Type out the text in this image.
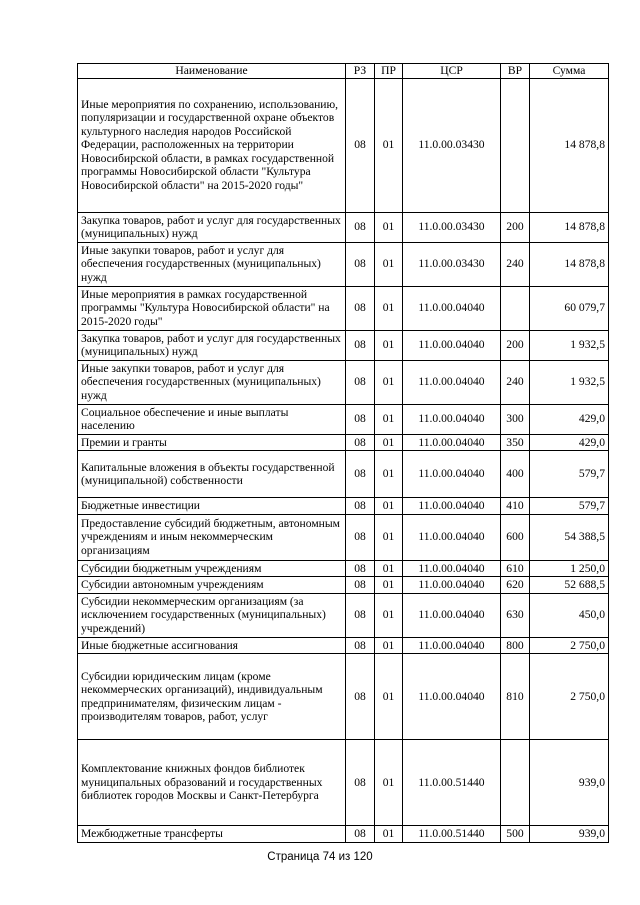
Наименование	РЗ	ПР	ЦСР	ВР	Сумма
Иные мероприятия по сохранению, использованию, популяризации и государственной охране объектов культурного наследия народов Российской Федерации, расположенных на территории Новосибирской области, в рамках государственной программы Новосибирской области "Культура Новосибирской области" на 2015-2020 годы"	08	01	11.0.00.03430		14 878,8
Закупка товаров, работ и услуг для государственных (муниципальных) нужд	08	01	11.0.00.03430	200	14 878,8
Иные закупки товаров, работ и услуг для обеспечения государственных (муниципальных) нужд	08	01	11.0.00.03430	240	14 878,8
Иные мероприятия в рамках государственной программы "Культура Новосибирской области" на 2015-2020 годы"	08	01	11.0.00.04040		60 079,7
Закупка товаров, работ и услуг для государственных (муниципальных) нужд	08	01	11.0.00.04040	200	1 932,5
Иные закупки товаров, работ и услуг для обеспечения государственных (муниципальных) нужд	08	01	11.0.00.04040	240	1 932,5
Социальное обеспечение и иные выплаты населению	08	01	11.0.00.04040	300	429,0
Премии и гранты	08	01	11.0.00.04040	350	429,0
Капитальные вложения в объекты государственной (муниципальной) собственности	08	01	11.0.00.04040	400	579,7
Бюджетные инвестиции	08	01	11.0.00.04040	410	579,7
Предоставление субсидий бюджетным, автономным учреждениям и иным некоммерческим организациям	08	01	11.0.00.04040	600	54 388,5
Субсидии бюджетным учреждениям	08	01	11.0.00.04040	610	1 250,0
Субсидии автономным учреждениям	08	01	11.0.00.04040	620	52 688,5
Субсидии некоммерческим организациям (за исключением государственных (муниципальных) учреждений)	08	01	11.0.00.04040	630	450,0
Иные бюджетные ассигнования	08	01	11.0.00.04040	800	2 750,0
Субсидии юридическим лицам (кроме некоммерческих организаций), индивидуальным предпринимателям, физическим лицам - производителям товаров, работ, услуг	08	01	11.0.00.04040	810	2 750,0
Комплектование книжных фондов библиотек муниципальных образований и государственных библиотек городов Москвы и Санкт-Петербурга	08	01	11.0.00.51440		939,0
Межбюджетные трансферты	08	01	11.0.00.51440	500	939,0
Страница 74 из 120
